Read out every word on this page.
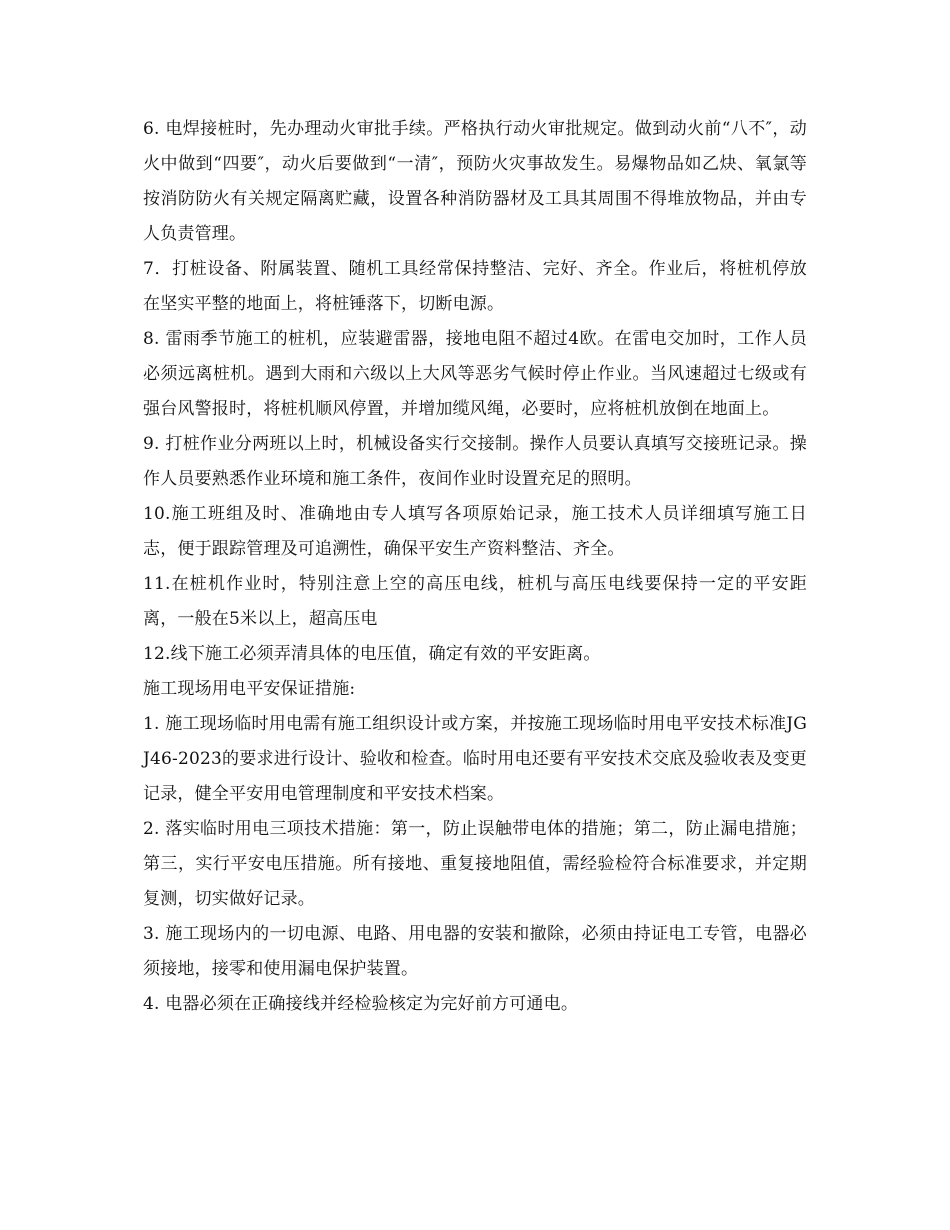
6. 电焊接桩时，先办理动火审批手续。严格执行动火审批规定。做到动火前“八不″，动火中做到“四要″，动火后要做到“一清″，预防火灾事故发生。易爆物品如乙炔、氧氯等按消防防火有关规定隔离贮藏，设置各种消防器材及工具其周围不得堆放物品，并由专人负责管理。

7．打桩设备、附属装置、随机工具经常保持整洁、完好、齐全。作业后，将桩机停放在坚实平整的地面上，将桩锤落下，切断电源。

8. 雷雨季节施工的桩机，应装避雷器，接地电阻不超过4欧。在雷电交加时，工作人员必须远离桩机。遇到大雨和六级以上大风等恶劣气候时停止作业。当风速超过七级或有强台风警报时，将桩机顺风停置，并增加缆风绳，必要时，应将桩机放倒在地面上。

9. 打桩作业分两班以上时，机械设备实行交接制。操作人员要认真填写交接班记录。操作人员要熟悉作业环境和施工条件，夜间作业时设置充足的照明。

10.施工班组及时、准确地由专人填写各项原始记录，施工技术人员详细填写施工日志，便于跟踪管理及可追溯性，确保平安生产资料整洁、齐全。

11.在桩机作业时，特别注意上空的高压电线，桩机与高压电线要保持一定的平安距离，一般在5米以上，超高压电

12.线下施工必须弄清具体的电压值，确定有效的平安距离。

施工现场用电平安保证措施:

1. 施工现场临时用电需有施工组织设计或方案，并按施工现场临时用电平安技术标准JGJ46-2023的要求进行设计、验收和检查。临时用电还要有平安技术交底及验收表及变更记录，健全平安用电管理制度和平安技术档案。

2. 落实临时用电三项技术措施：第一，防止误触带电体的措施；第二，防止漏电措施；第三，实行平安电压措施。所有接地、重复接地阻值，需经验检符合标准要求，并定期复测，切实做好记录。

3. 施工现场内的一切电源、电路、用电器的安装和撤除，必须由持证电工专管，电器必须接地，接零和使用漏电保护装置。

4. 电器必须在正确接线并经检验核定为完好前方可通电。
